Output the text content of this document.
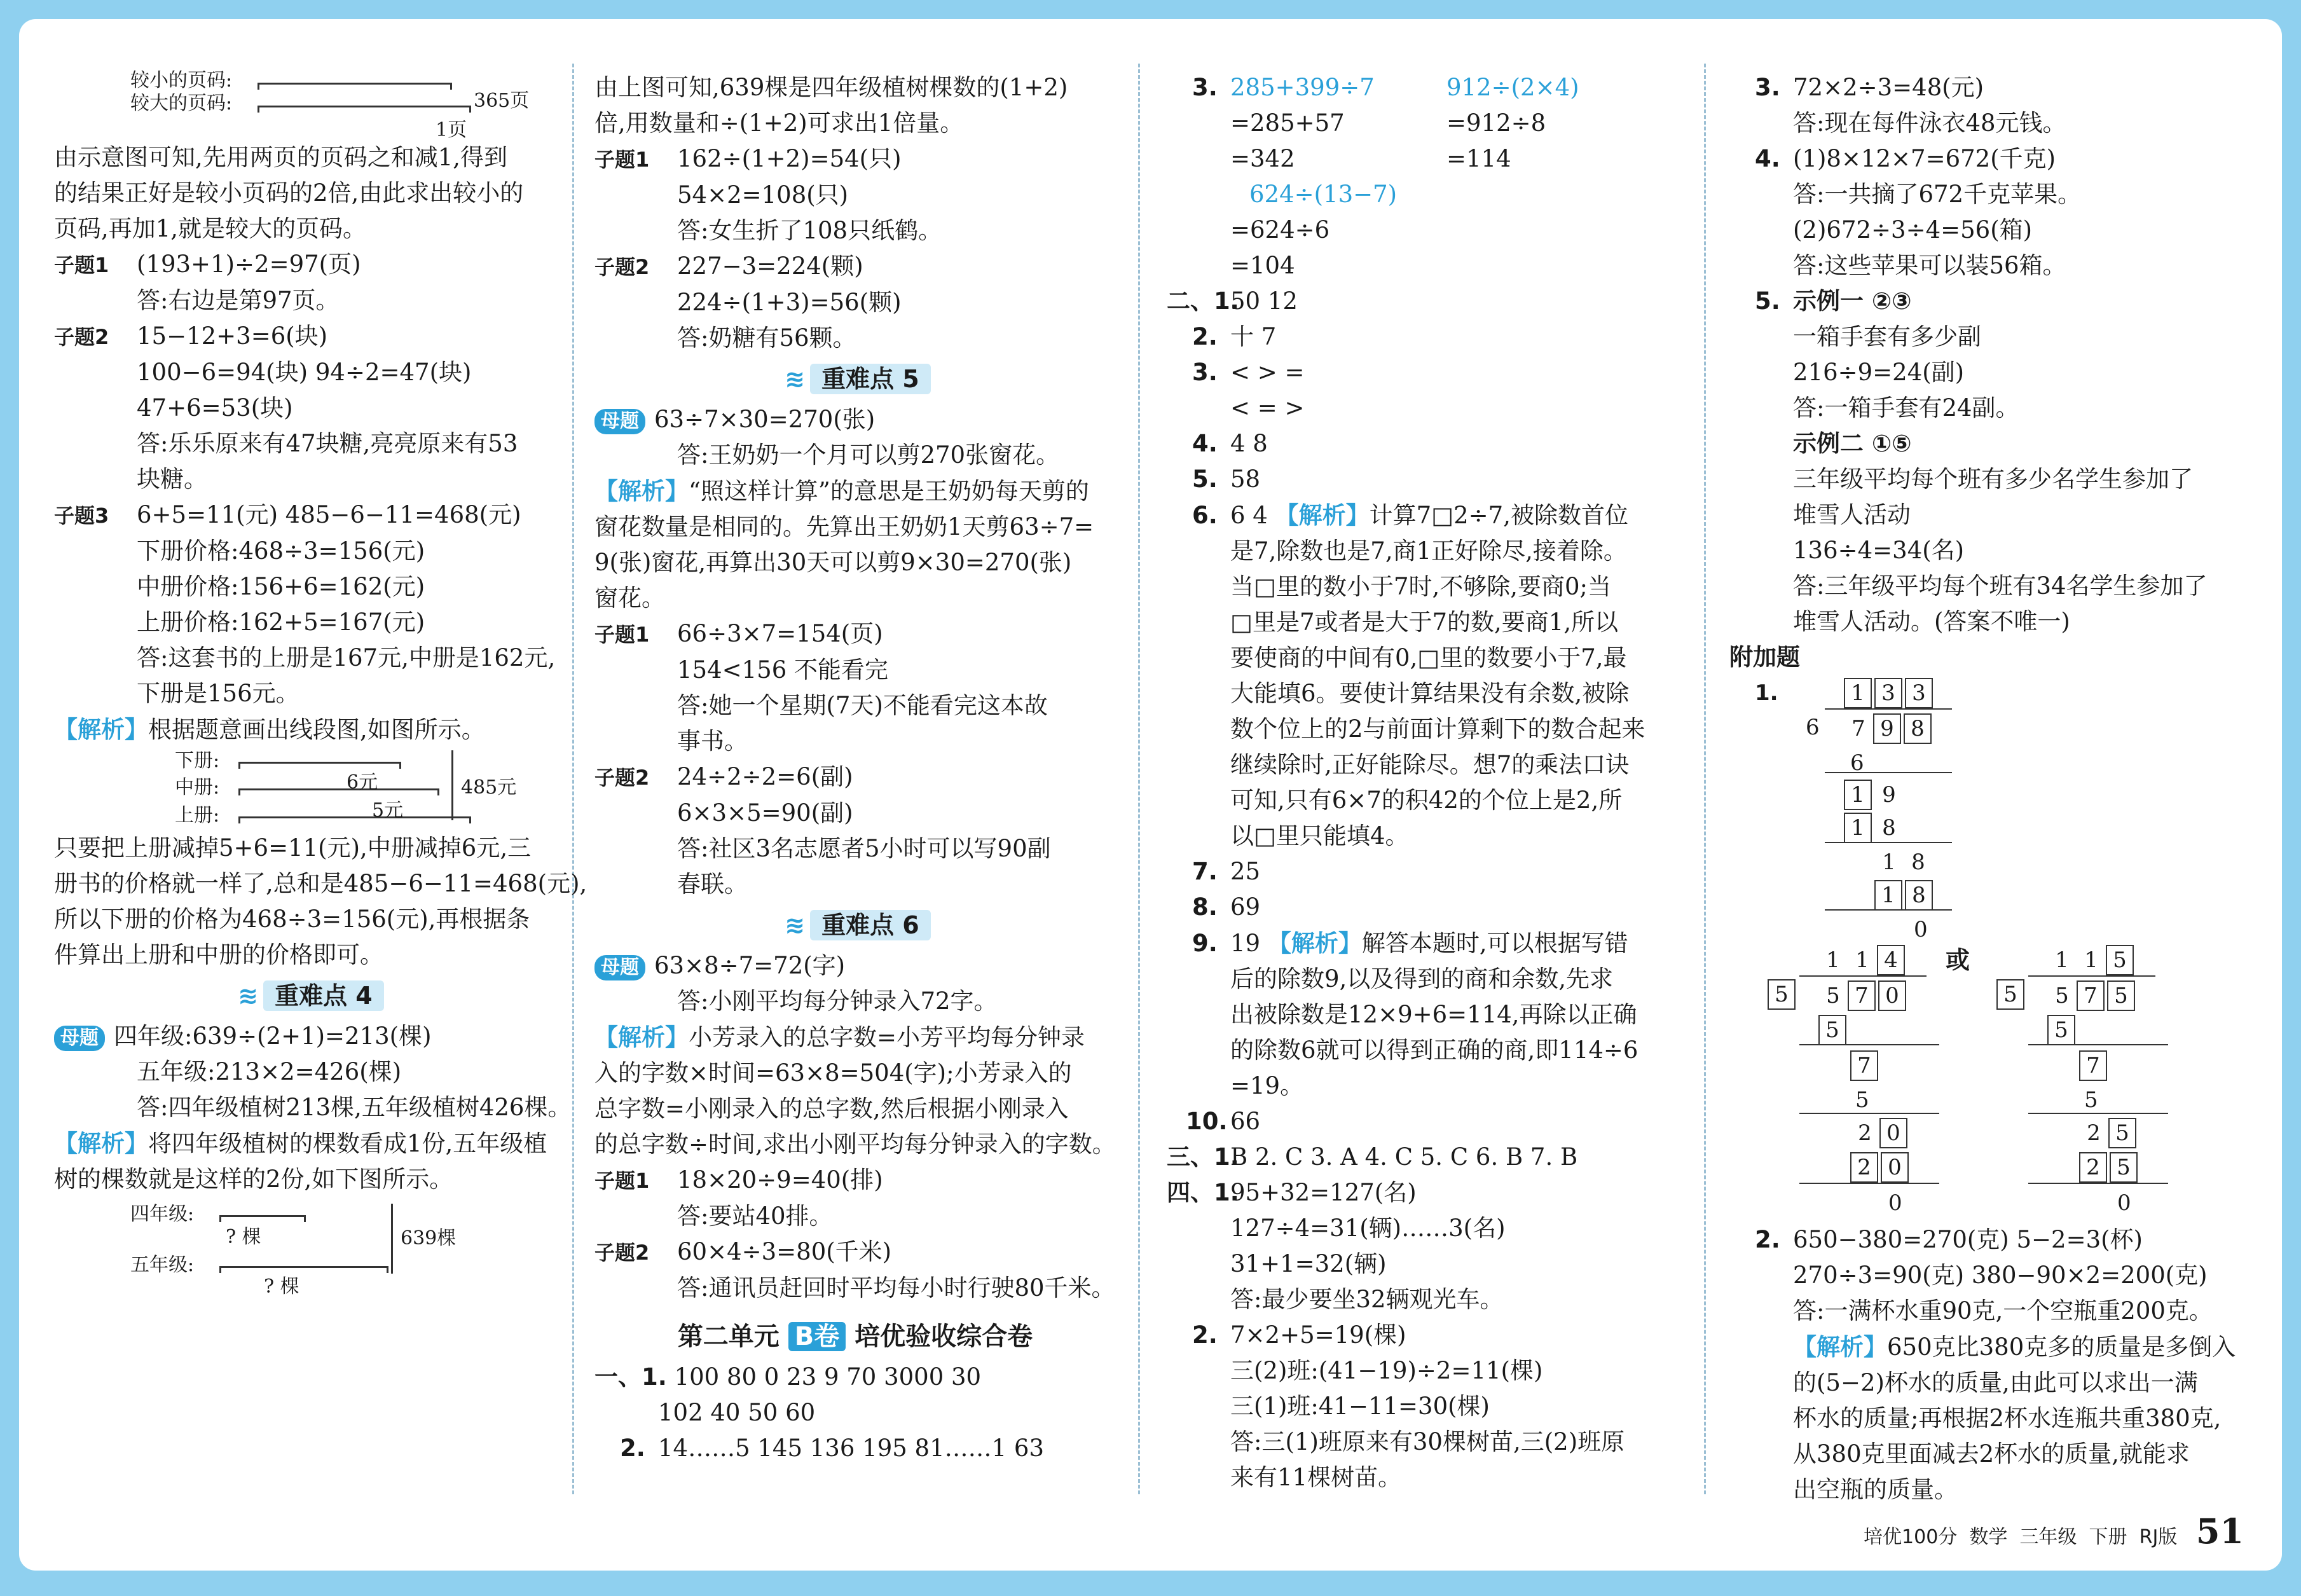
较小的页码:
较大的页码:	365页
1页
由示意图可知,先用两页的页码之和减1,得到
的结果正好是较小页码的2倍,由此求出较小的
页码,再加1,就是较大的页码。
子题1 (193+1)÷2=97(页)
答:右边是第97页。
子题2 15−12+3=6(块)
100−6=94(块) 94÷2=47(块)
47+6=53(块)
答:乐乐原来有47块糖,亮亮原来有53
块糖。
子题3 6+5=11(元) 485−6−11=468(元)
下册价格:468÷3=156(元)
中册价格:156+6=162(元)
上册价格:162+5=167(元)
答:这套书的上册是167元,中册是162元,
下册是156元。
【解析】根据题意画出线段图,如图所示。
下册:
中册:
上册:
6元
5元
485元
只要把上册减掉5+6=11(元),中册减掉6元,三
册书的价格就一样了,总和是485−6−11=468(元),
所以下册的价格为468÷3=156(元),再根据条
件算出上册和中册的价格即可。
≋ 重难点 4
母题 四年级:639÷(2+1)=213(棵)
五年级:213×2=426(棵)
答:四年级植树213棵,五年级植树426棵。
【解析】将四年级植树的棵数看成1份,五年级植
树的棵数就是这样的2份,如下图所示。
四年级:
五年级:
? 棵
? 棵
639棵
由上图可知,639棵是四年级植树棵数的(1+2)
倍,用数量和÷(1+2)可求出1倍量。
子题1 162÷(1+2)=54(只)
54×2=108(只)
答:女生折了108只纸鹤。
子题2 227−3=224(颗)
224÷(1+3)=56(颗)
答:奶糖有56颗。
≋ 重难点 5
母题 63÷7×30=270(张)
答:王奶奶一个月可以剪270张窗花。
【解析】“照这样计算”的意思是王奶奶每天剪的
窗花数量是相同的。先算出王奶奶1天剪63÷7=
9(张)窗花,再算出30天可以剪9×30=270(张)
窗花。
子题1 66÷3×7=154(页)
154<156 不能看完
答:她一个星期(7天)不能看完这本故
事书。
子题2 24÷2÷2=6(副)
6×3×5=90(副)
答:社区3名志愿者5小时可以写90副
春联。
≋ 重难点 6
母题 63×8÷7=72(字)
答:小刚平均每分钟录入72字。
【解析】小芳录入的总字数=小芳平均每分钟录
入的字数×时间=63×8=504(字);小芳录入的
总字数=小刚录入的总字数,然后根据小刚录入
的总字数÷时间,求出小刚平均每分钟录入的字数。
子题1 18×20÷9=40(排)
答:要站40排。
子题2 60×4÷3=80(千米)
答:通讯员赶回时平均每小时行驶80千米。
第二单元 B卷 培优验收综合卷
一、1. 100 80 0 23 9 70 3000 30
102 40 50 60
2. 14……5 145 136 195 81……1 63
3. 285+399÷7	912÷(2×4)
=285+57	=912÷8
=342	=114
624÷(13−7)
=624÷6
=104
二、1.50 12
2. 十 7
3. < > =
< = >
4. 4 8
5. 58
6. 6 4 【解析】计算7□2÷7,被除数首位
是7,除数也是7,商1正好除尽,接着除。
当□里的数小于7时,不够除,要商0;当
□里是7或者是大于7的数,要商1,所以
要使商的中间有0,□里的数要小于7,最
大能填6。要使计算结果没有余数,被除
数个位上的2与前面计算剩下的数合起来
继续除时,正好能除尽。想7的乘法口诀
可知,只有6×7的积42的个位上是2,所
以□里只能填4。
7. 25
8. 69
9. 19 【解析】解答本题时,可以根据写错
后的除数9,以及得到的商和余数,先求
出被除数是12×9+6=114,再除以正确
的除数6就可以得到正确的商,即114÷6
=19。
10. 66
三、1.B 2. C 3. A 4. C 5. C 6. B 7. B
四、1.95+32=127(名)
127÷4=31(辆)……3(名)
31+1=32(辆)
答:最少要坐32辆观光车。
2. 7×2+5=19(棵)
三(2)班:(41−19)÷2=11(棵)
三(1)班:41−11=30(棵)
答:三(1)班原来有30棵树苗,三(2)班原
来有11棵树苗。
3. 72×2÷3=48(元)
答:现在每件泳衣48元钱。
4. (1)8×12×7=672(千克)
答:一共摘了672千克苹果。
(2)672÷3÷4=56(箱)
答:这些苹果可以装56箱。
5. 示例一 ②③
一箱手套有多少副
216÷9=24(副)
答:一箱手套有24副。
示例二 ①⑤
三年级平均每个班有多少名学生参加了
堆雪人活动
136÷4=34(名)
答:三年级平均每个班有34名学生参加了
堆雪人活动。(答案不唯一)
附加题
1.	1 3 3
6	7 9 8
6
1 9
1 8
1 8
1 8
0
1 1 4
5	5 7 0
5
7
5
2 0
2 0
0
或	1 1 5
5	5 7 5
5
7
5
2 5
2 5
0
2. 650−380=270(克) 5−2=3(杯)
270÷3=90(克) 380−90×2=200(克)
答:一满杯水重90克,一个空瓶重200克。
【解析】650克比380克多的质量是多倒入
的(5−2)杯水的质量,由此可以求出一满
杯水的质量;再根据2杯水连瓶共重380克,
从380克里面减去2杯水的质量,就能求
出空瓶的质量。
培优100分 数学 三年级 下册 RJ版 51
